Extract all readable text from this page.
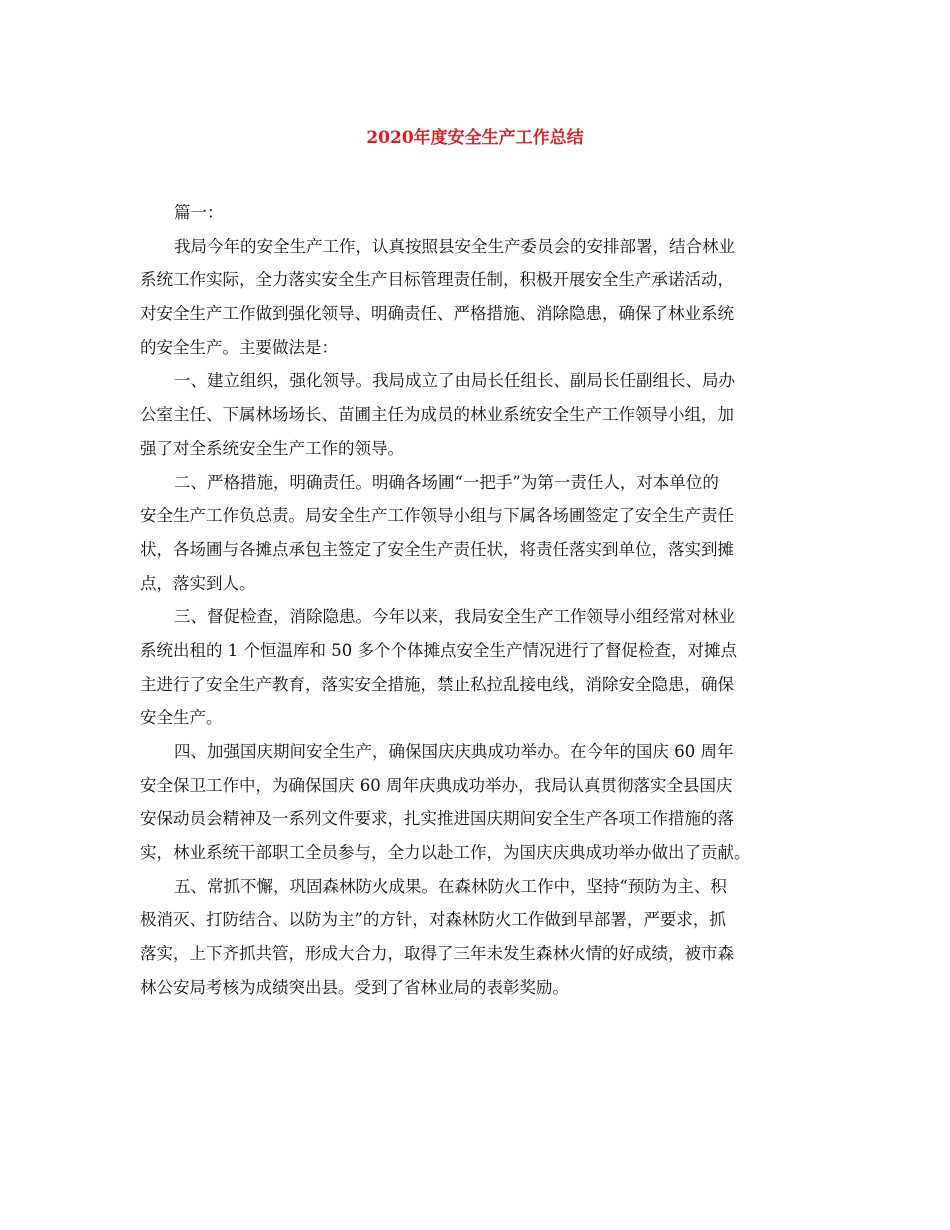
2020年度安全生产工作总结
篇一：
我局今年的安全生产工作，认真按照县安全生产委员会的安排部署，结合林业
系统工作实际，全力落实安全生产目标管理责任制，积极开展安全生产承诺活动，
对安全生产工作做到强化领导、明确责任、严格措施、消除隐患，确保了林业系统
的安全生产。主要做法是：
一、建立组织，强化领导。我局成立了由局长任组长、副局长任副组长、局办
公室主任、下属林场场长、苗圃主任为成员的林业系统安全生产工作领导小组，加
强了对全系统安全生产工作的领导。
二、严格措施，明确责任。明确各场圃“一把手”为第一责任人，对本单位的
安全生产工作负总责。局安全生产工作领导小组与下属各场圃签定了安全生产责任
状，各场圃与各摊点承包主签定了安全生产责任状，将责任落实到单位，落实到摊
点，落实到人。
三、督促检查，消除隐患。今年以来，我局安全生产工作领导小组经常对林业
系统出租的 1 个恒温库和 50 多个个体摊点安全生产情况进行了督促检查，对摊点
主进行了安全生产教育，落实安全措施，禁止私拉乱接电线，消除安全隐患，确保
安全生产。
四、加强国庆期间安全生产，确保国庆庆典成功举办。在今年的国庆 60 周年
安全保卫工作中，为确保国庆 60 周年庆典成功举办，我局认真贯彻落实全县国庆
安保动员会精神及一系列文件要求，扎实推进国庆期间安全生产各项工作措施的落
实，林业系统干部职工全员参与，全力以赴工作，为国庆庆典成功举办做出了贡献。
五、常抓不懈，巩固森林防火成果。在森林防火工作中，坚持“预防为主、积
极消灭、打防结合、以防为主”的方针，对森林防火工作做到早部署，严要求，抓
落实，上下齐抓共管，形成大合力，取得了三年未发生森林火情的好成绩，被市森
林公安局考核为成绩突出县。受到了省林业局的表彰奖励。
